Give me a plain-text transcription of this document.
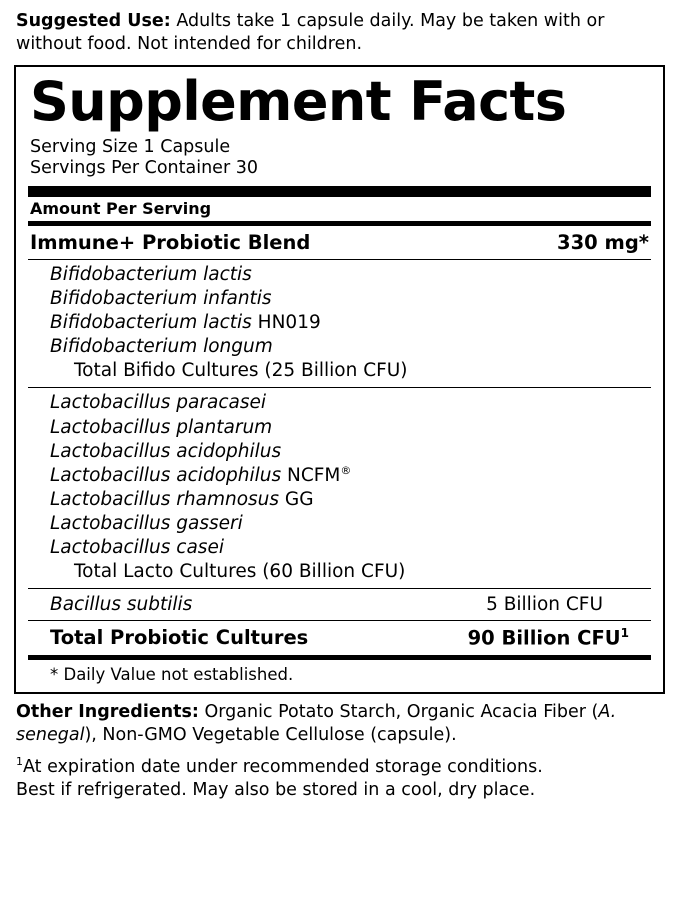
Suggested Use: Adults take 1 capsule daily. May be taken with or without food. Not intended for children.

Supplement Facts
Serving Size 1 Capsule
Servings Per Container 30
Amount Per Serving
Immune+ Probiotic Blend	330 mg*
Bifidobacterium lactis
Bifidobacterium infantis
Bifidobacterium lactis HN019
Bifidobacterium longum
Total Bifido Cultures (25 Billion CFU)
Lactobacillus paracasei
Lactobacillus plantarum
Lactobacillus acidophilus
Lactobacillus acidophilus NCFM®
Lactobacillus rhamnosus GG
Lactobacillus gasseri
Lactobacillus casei
Total Lacto Cultures (60 Billion CFU)
Bacillus subtilis	5 Billion CFU
Total Probiotic Cultures	90 Billion CFU$^1$
* Daily Value not established.

Other Ingredients: Organic Potato Starch, Organic Acacia Fiber (A. senegal), Non-GMO Vegetable Cellulose (capsule).

$^1$At expiration date under recommended storage conditions.
Best if refrigerated. May also be stored in a cool, dry place.
